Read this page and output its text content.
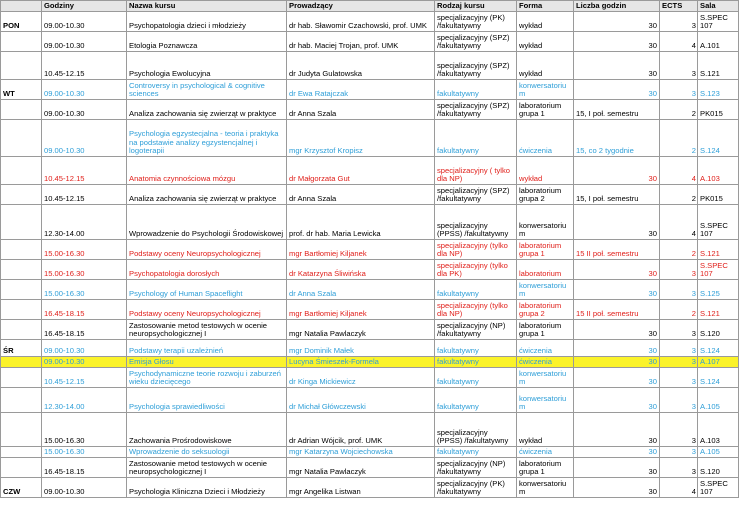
	Godziny	Nazwa kursu	Prowadzący	Rodzaj kursu	Forma	Liczba godzin	ECTS	Sala
PON	09.00-10.30	Psychopatologia dzieci i młodzieży	dr hab. Sławomir Czachowski, prof. UMK	specjalizacyjny (PK) /fakultatywny	wykład	30	3	S.SPEC 107
	09.00-10.30	Etologia Poznawcza	dr hab. Maciej Trojan, prof. UMK	specjalizacyjny (SPZ) /fakultatywny	wykład	30	4	A.101
	10.45-12.15	Psychologia Ewolucyjna	dr Judyta Gulatowska	specjalizacyjny (SPZ) /fakultatywny	wykład	30	3	S.121
WT	09.00-10.30	Controversy in psychological & cognitive sciences	dr Ewa Ratajczak	fakultatywny	konwersatorium	30	3	S.123
	09.00-10.30	Analiza zachowania się zwierząt w praktyce	dr Anna Szala	specjalizacyjny (SPZ) /fakultatywny	laboratorium grupa 1	15, I poł. semestru	2	PK015
	09.00-10.30	Psychologia egzystecjalna - teoria i praktyka na podstawie analizy egzystencjalnej i logoterapii	mgr Krzysztof Kropisz	fakultatywny	ćwiczenia	15, co 2 tygodnie	2	S.124
	10.45-12.15	Anatomia czynnościowa mózgu	dr Małgorzata Gut	specjalizacyjny ( tylko dla NP)	wykład	30	4	A.103
	10.45-12.15	Analiza zachowania się zwierząt w praktyce	dr Anna Szala	specjalizacyjny (SPZ) /fakultatywny	laboratorium grupa 2	15, I poł. semestru	2	PK015
	12.30-14.00	Wprowadzenie do Psychologii Środowiskowej	prof. dr hab. Maria Lewicka	specjalizacyjny (PPSS) /fakultatywny	konwersatorium	30	4	S.SPEC 107
	15.00-16.30	Podstawy oceny Neuropsychologicznej	mgr Bartłomiej Kiljanek	specjalizacyjny (tylko dla NP)	laboratorium grupa 1	15 II poł. semestru	2	S.121
	15.00-16.30	Psychopatologia dorosłych	dr Katarzyna Śliwińska	specjalizacyjny (tylko dla PK)	laboratorium	30	3	S.SPEC 107
	15.00-16.30	Psychology of Human Spaceflight	dr Anna Szala	fakultatywny	konwersatorium	30	3	S.125
	16.45-18.15	Podstawy oceny Neuropsychologicznej	mgr Bartłomiej Kiljanek	specjalizacyjny (tylko dla NP)	laboratorium grupa 2	15 II poł. semestru	2	S.121
	16.45-18.15	Zastosowanie metod testowych w ocenie neuropsychologicznej I	mgr Natalia Pawlaczyk	specjalizacyjny (NP) /fakultatywny	laboratorium grupa 1	30	3	S.120
ŚR	09.00-10.30	Podstawy terapii uzależnień	mgr Dominik Małek	fakultatywny	ćwiczenia	30	3	S.124
	09.00-10.30	Emisja Głosu	Lucyna Śmieszek-Formela	fakultatywny	ćwiczenia	30	3	A.107
	10.45-12.15	Psychodynamiczne teorie rozwoju i zaburzeń wieku dziecięcego	dr Kinga Mickiewicz	fakultatywny	konwersatorium	30	3	S.124
	12.30-14.00	Psychologia sprawiedliwości	dr Michał Główczewski	fakultatywny	konwersatorium	30	3	A.105
	15.00-16.30	Zachowania Prośrodowiskowe	dr Adrian Wójcik, prof. UMK	specjalizacyjny (PPSS) /fakultatywny	wykład	30	3	A.103
	15.00-16.30	Wprowadzenie do seksuologii	mgr Katarzyna Wojciechowska	fakultatywny	ćwiczenia	30	3	A.105
	16.45-18.15	Zastosowanie metod testowych w ocenie neuropsychologicznej I	mgr Natalia Pawlaczyk	specjalizacyjny (NP) /fakultatywny	laboratorium grupa 1	30	3	S.120
CZW	09.00-10.30	Psychologia Kliniczna Dzieci i Młodzieży	mgr Angelika Listwan	specjalizacyjny (PK) /fakultatywny	konwersatorium	30	4	S.SPEC 107
